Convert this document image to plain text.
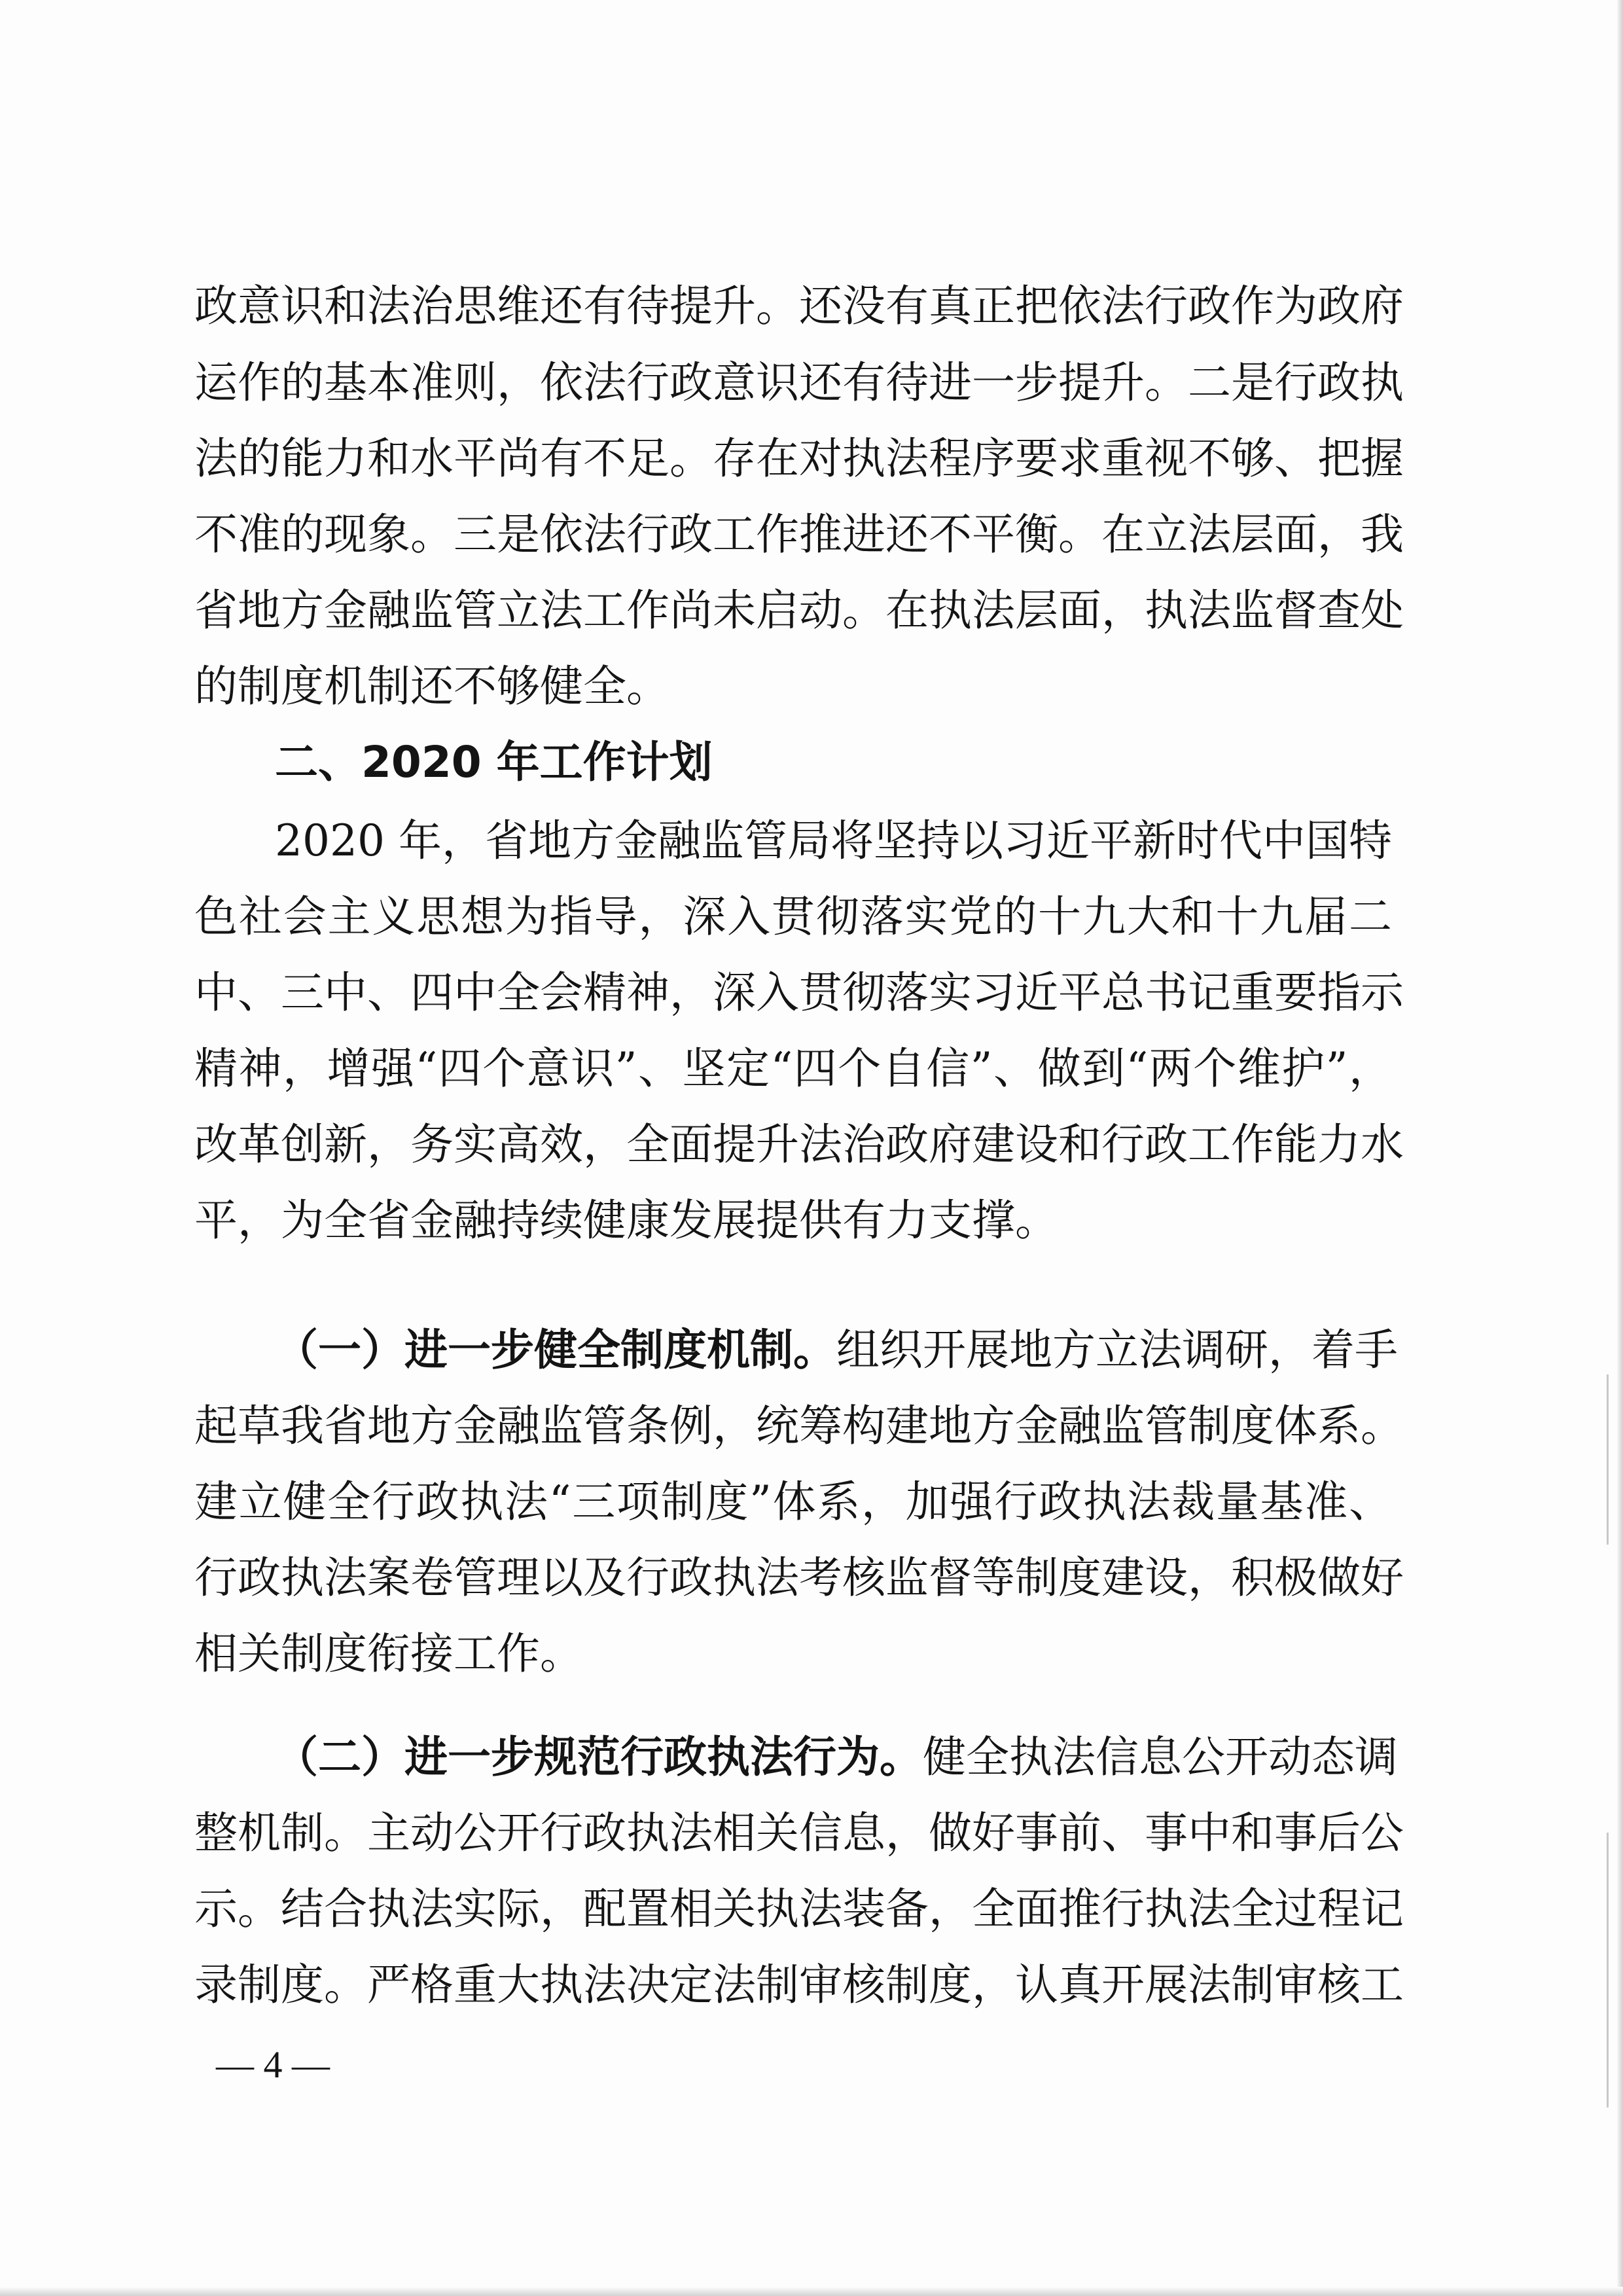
政意识和法治思维还有待提升。还没有真正把依法行政作为政府
运作的基本准则，依法行政意识还有待进一步提升。二是行政执
法的能力和水平尚有不足。存在对执法程序要求重视不够、把握
不准的现象。三是依法行政工作推进还不平衡。在立法层面，我
省地方金融监管立法工作尚未启动。在执法层面，执法监督查处
的制度机制还不够健全。
二、2020 年工作计划
2020 年，省地方金融监管局将坚持以习近平新时代中国特
色社会主义思想为指导，深入贯彻落实党的十九大和十九届二
中、三中、四中全会精神，深入贯彻落实习近平总书记重要指示
精神，增强“四个意识”、坚定“四个自信”、做到“两个维护”，
改革创新，务实高效，全面提升法治政府建设和行政工作能力水
平，为全省金融持续健康发展提供有力支撑。
（一）进一步健全制度机制。组织开展地方立法调研，着手
起草我省地方金融监管条例，统筹构建地方金融监管制度体系。
建立健全行政执法“三项制度”体系，加强行政执法裁量基准、
行政执法案卷管理以及行政执法考核监督等制度建设，积极做好
相关制度衔接工作。
（二）进一步规范行政执法行为。健全执法信息公开动态调
整机制。主动公开行政执法相关信息，做好事前、事中和事后公
示。结合执法实际，配置相关执法装备，全面推行执法全过程记
录制度。严格重大执法决定法制审核制度，认真开展法制审核工
— 4 —
